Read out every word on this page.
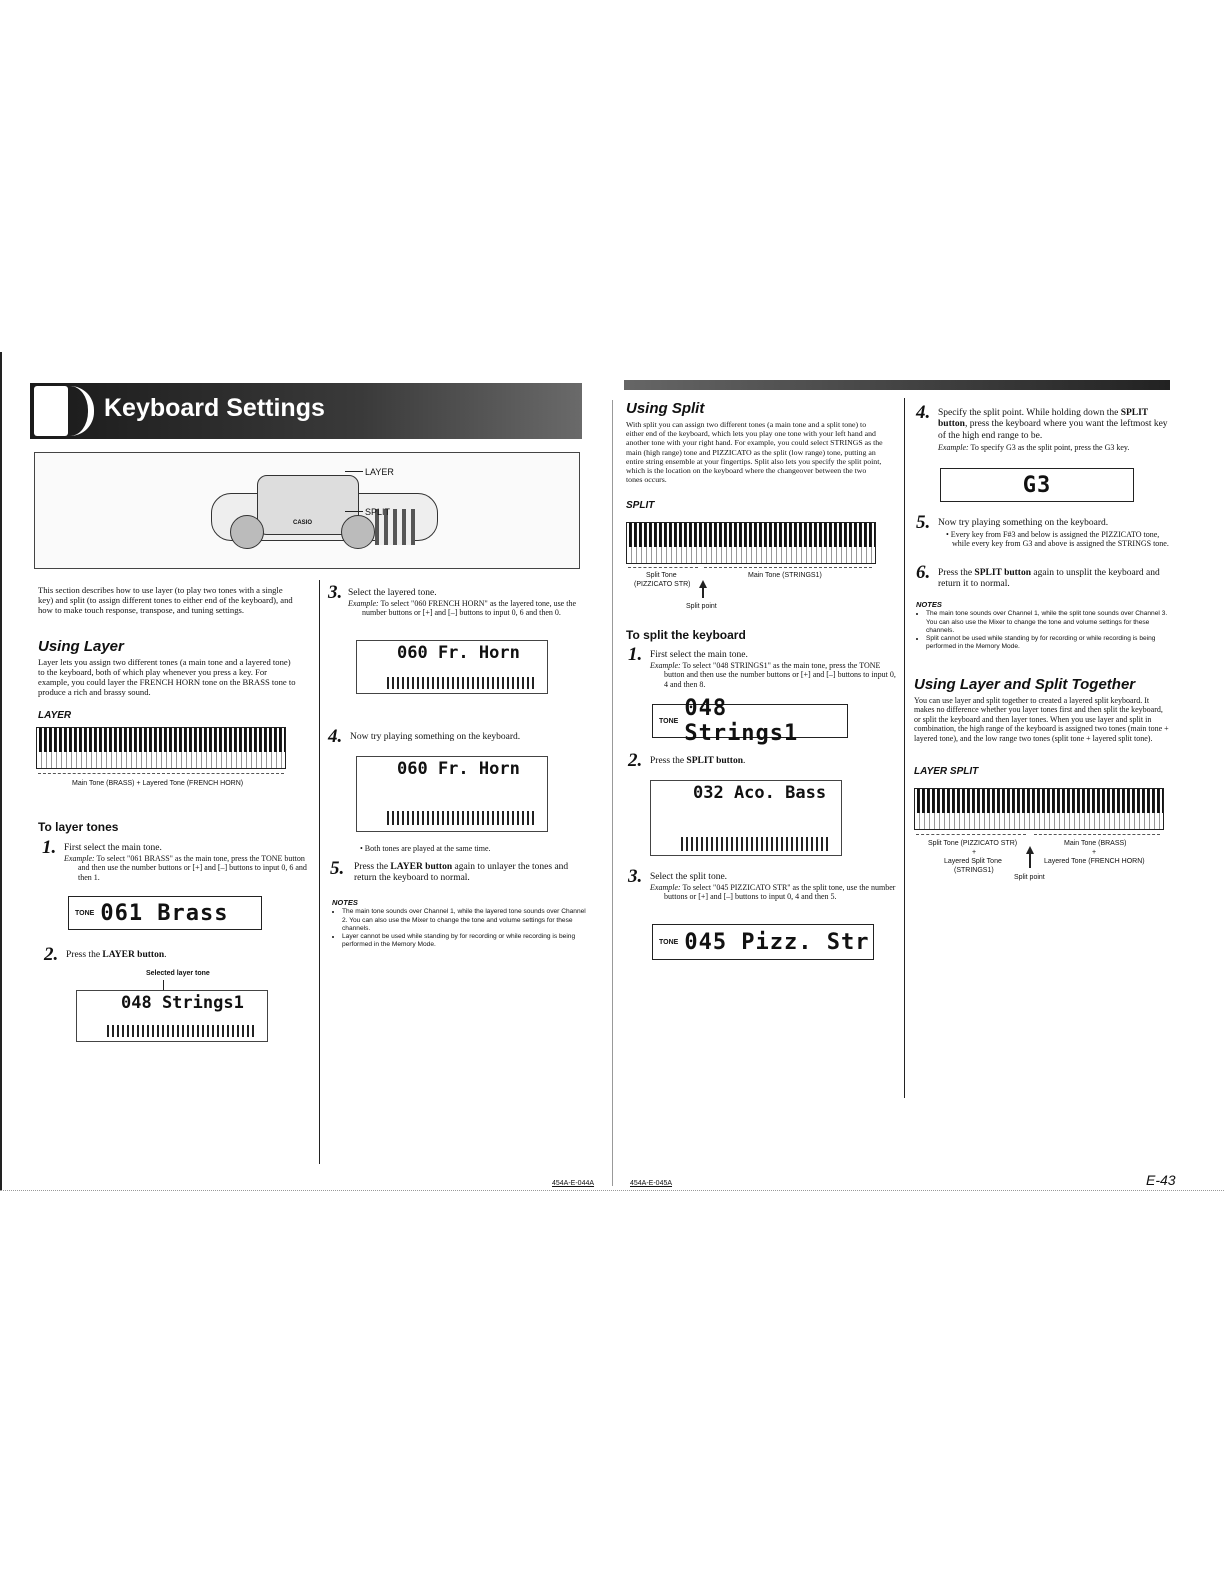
Keyboard Settings
CASIO
LAYER
SPLIT
This section describes how to use layer (to play two tones with a single key) and split (to assign different tones to either end of the keyboard), and how to make touch response, transpose, and tuning settings.
Using Layer
Layer lets you assign two different tones (a main tone and a layered tone) to the keyboard, both of which play whenever you press a key. For example, you could layer the FRENCH HORN tone on the BRASS tone to produce a rich and brassy sound.
LAYER
Main Tone (BRASS) + Layered Tone (FRENCH HORN)
To layer tones
1. First select the main tone.
Example: To select "061 BRASS" as the main tone, press the TONE button and then use the number buttons or [+] and [–] buttons to input 0, 6 and then 1.
TONE 061 Brass
2. Press the LAYER button.
Selected layer tone
048 Strings1
3. Select the layered tone.
Example: To select "060 FRENCH HORN" as the layered tone, use the number buttons or [+] and [–] buttons to input 0, 6 and then 0.
060 Fr. Horn
4. Now try playing something on the keyboard.
060 Fr. Horn
• Both tones are played at the same time.
5. Press the LAYER button again to unlayer the tones and return the keyboard to normal.
NOTES
• The main tone sounds over Channel 1, while the layered tone sounds over Channel 2. You can also use the Mixer to change the tone and volume settings for these channels.
• Layer cannot be used while standing by for recording or while recording is being performed in the Memory Mode.
Using Split
With split you can assign two different tones (a main tone and a split tone) to either end of the keyboard, which lets you play one tone with your left hand and another tone with your right hand. For example, you could select STRINGS as the main (high range) tone and PIZZICATO as the split (low range) tone, putting an entire string ensemble at your fingertips. Split also lets you specify the split point, which is the location on the keyboard where the changeover between the two tones occurs.
SPLIT
Split Tone
(PIZZICATO STR)
Main Tone (STRINGS1)
Split point
To split the keyboard
1. First select the main tone.
Example: To select "048 STRINGS1" as the main tone, press the TONE button and then use the number buttons or [+] and [–] buttons to input 0, 4 and then 8.
TONE 048 Strings1
2. Press the SPLIT button.
032 Aco. Bass
3. Select the split tone.
Example: To select "045 PIZZICATO STR" as the split tone, use the number buttons or [+] and [–] buttons to input 0, 4 and then 5.
TONE 045 Pizz. Str
4. Specify the split point. While holding down the SPLIT button, press the keyboard where you want the leftmost key of the high end range to be.
Example: To specify G3 as the split point, press the G3 key.
G3
5. Now try playing something on the keyboard.
• Every key from F#3 and below is assigned the PIZZICATO tone, while every key from G3 and above is assigned the STRINGS tone.
6. Press the SPLIT button again to unsplit the keyboard and return it to normal.
NOTES
• The main tone sounds over Channel 1, while the split tone sounds over Channel 3. You can also use the Mixer to change the tone and volume settings for these channels.
• Split cannot be used while standing by for recording or while recording is being performed in the Memory Mode.
Using Layer and Split Together
You can use layer and split together to created a layered split keyboard. It makes no difference whether you layer tones first and then split the keyboard, or split the keyboard and then layer tones. When you use layer and split in combination, the high range of the keyboard is assigned two tones (main tone + layered tone), and the low range two tones (split tone + layered split tone).
LAYER SPLIT
Split Tone (PIZZICATO STR)
+
Layered Split Tone
(STRINGS1)
Main Tone (BRASS)
+
Layered Tone (FRENCH HORN)
Split point
454A-E-044A	454A-E-045A	E-43
